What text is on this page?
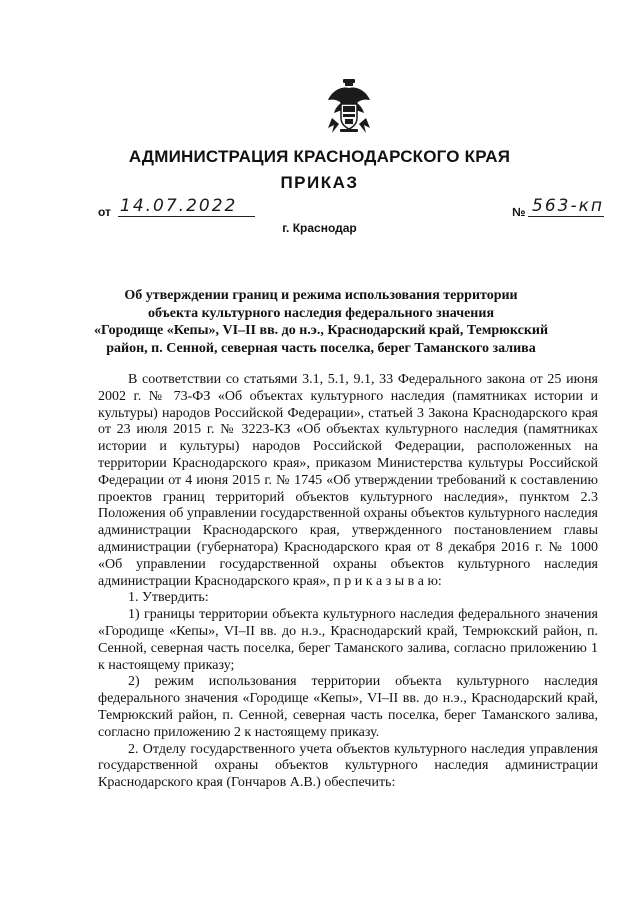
АДМИНИСТРАЦИЯ КРАСНОДАРСКОГО КРАЯ
ПРИКАЗ
от 14.07.2022	№ 563-кп
г. Краснодар
Об утверждении границ и режима использования территории
объекта культурного наследия федерального значения
«Городище «Кепы», VI–II вв. до н.э., Краснодарский край, Темрюкский
район, п. Сенной, северная часть поселка, берег Таманского залива

В соответствии со статьями 3.1, 5.1, 9.1, 33 Федерального закона от 25 июня 2002 г. № 73-ФЗ «Об объектах культурного наследия (памятниках истории и культуры) народов Российской Федерации», статьей 3 Закона Краснодарского края от 23 июля 2015 г. № 3223-КЗ «Об объектах культурного наследия (памятниках истории и культуры) народов Российской Федерации, расположенных на территории Краснодарского края», приказом Министерства культуры Российской Федерации от 4 июня 2015 г. № 1745 «Об утверждении требований к составлению проектов границ территорий объектов культурного наследия», пунктом 2.3 Положения об управлении государственной охраны объектов культурного наследия администрации Краснодарского края, утвержденного постановлением главы администрации (губернатора) Краснодарского края от 8 декабря 2016 г. № 1000 «Об управлении государственной охраны объектов культурного наследия администрации Краснодарского края», п р и к а з ы в а ю:

1. Утвердить:

1) границы территории объекта культурного наследия федерального значения «Городище «Кепы», VI–II вв. до н.э., Краснодарский край, Темрюкский район, п. Сенной, северная часть поселка, берег Таманского залива, согласно приложению 1 к настоящему приказу;

2) режим использования территории объекта культурного наследия федерального значения «Городище «Кепы», VI–II вв. до н.э., Краснодарский край, Темрюкский район, п. Сенной, северная часть поселка, берег Таманского залива, согласно приложению 2 к настоящему приказу.

2. Отделу государственного учета объектов культурного наследия управления государственной охраны объектов культурного наследия администрации Краснодарского края (Гончаров А.В.) обеспечить:
